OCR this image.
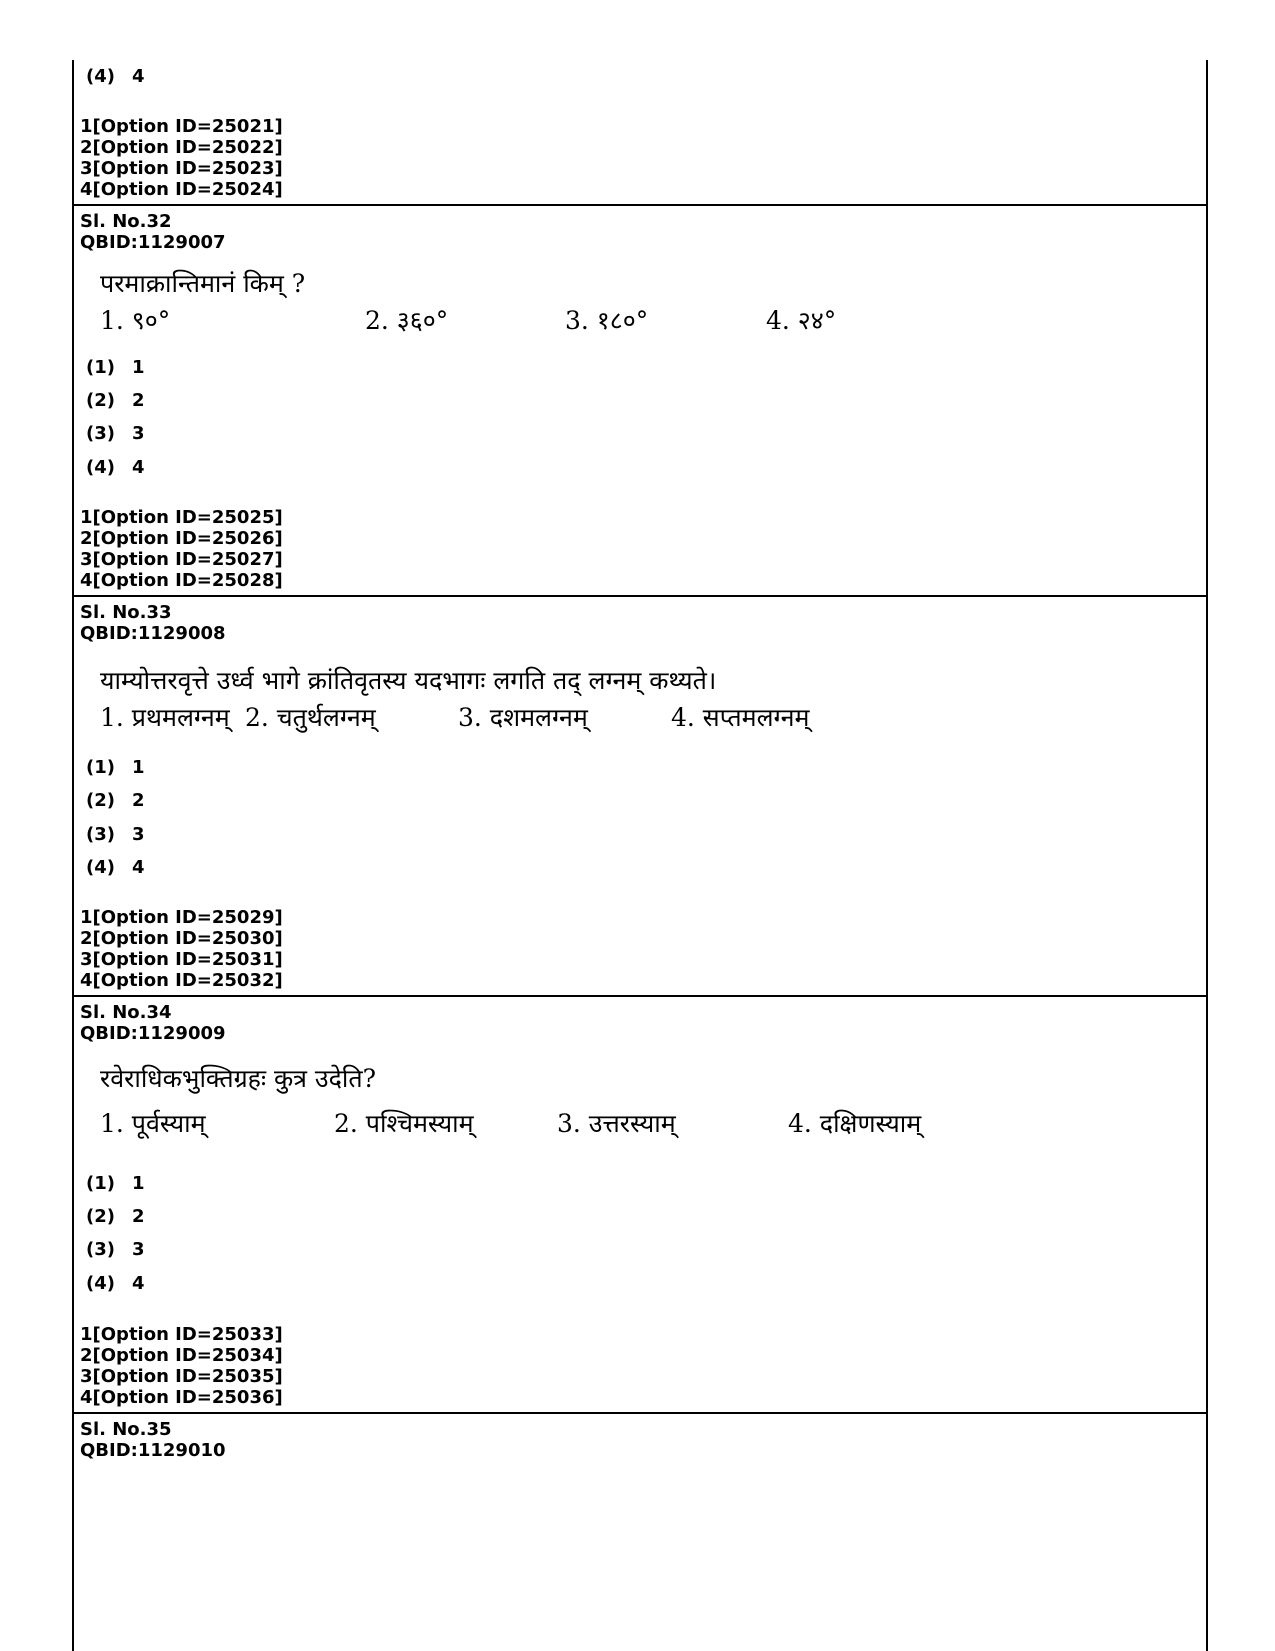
(4) 4
1[Option ID=25021]
2[Option ID=25022]
3[Option ID=25023]
4[Option ID=25024]
Sl. No.32
QBID:1129007
परमाक्रान्तिमानं किम् ?
1. ९०°	2. ३६०°	3. १८०°	4. २४°
(1) 1
(2) 2
(3) 3
(4) 4
1[Option ID=25025]
2[Option ID=25026]
3[Option ID=25027]
4[Option ID=25028]
Sl. No.33
QBID:1129008
याम्योत्तरवृत्ते उर्ध्व भागे क्रांतिवृतस्य यदभागः लगति तद् लग्नम् कथ्यते।
1. प्रथमलग्नम् 2. चतुर्थलग्नम्	3. दशमलग्नम्	4. सप्तमलग्नम्
(1) 1
(2) 2
(3) 3
(4) 4
1[Option ID=25029]
2[Option ID=25030]
3[Option ID=25031]
4[Option ID=25032]
Sl. No.34
QBID:1129009
रवेराधिकभुक्तिग्रहः कुत्र उदेति?
1. पूर्वस्याम्	2. पश्चिमस्याम्	3. उत्तरस्याम्	4. दक्षिणस्याम्
(1) 1
(2) 2
(3) 3
(4) 4
1[Option ID=25033]
2[Option ID=25034]
3[Option ID=25035]
4[Option ID=25036]
Sl. No.35
QBID:1129010
